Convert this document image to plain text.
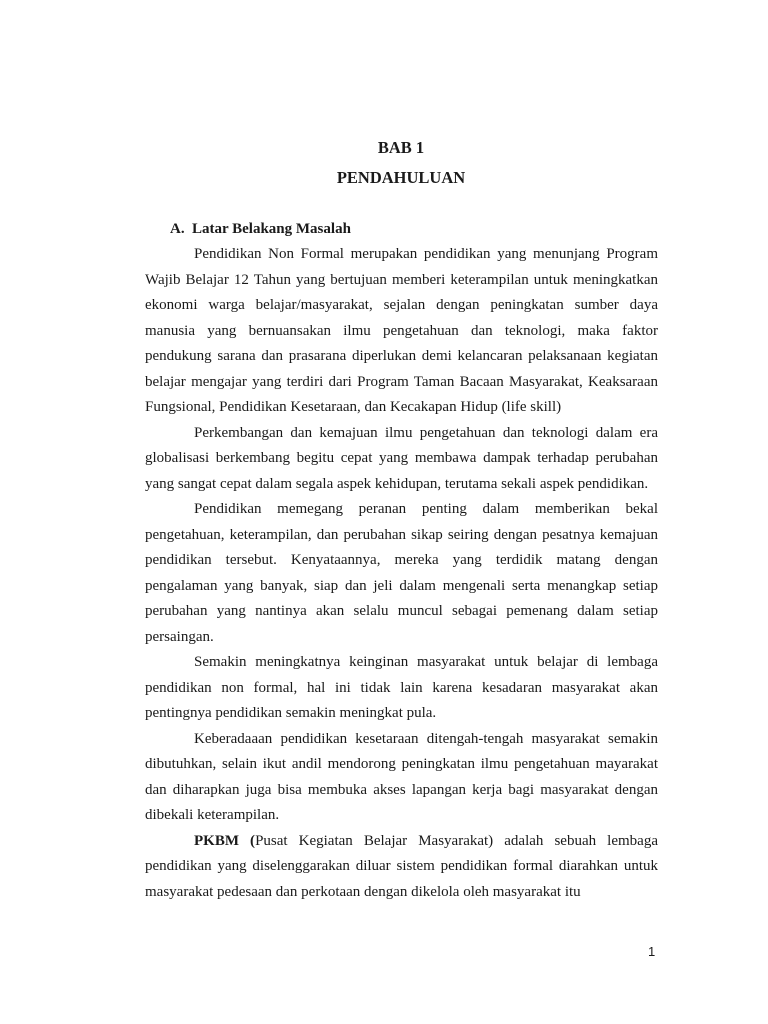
BAB 1
PENDAHULUAN
A. Latar Belakang Masalah

Pendidikan Non Formal merupakan pendidikan yang menunjang Program Wajib Belajar 12 Tahun yang bertujuan memberi keterampilan untuk meningkatkan ekonomi warga belajar/masyarakat, sejalan dengan peningkatan sumber daya manusia yang bernuansakan ilmu pengetahuan dan teknologi, maka faktor pendukung sarana dan prasarana diperlukan demi kelancaran pelaksanaan kegiatan belajar mengajar yang terdiri dari Program Taman Bacaan Masyarakat, Keaksaraan Fungsional, Pendidikan Kesetaraan, dan Kecakapan Hidup (life skill)

Perkembangan dan kemajuan ilmu pengetahuan dan teknologi dalam era globalisasi berkembang begitu cepat yang membawa dampak terhadap perubahan yang sangat cepat dalam segala aspek kehidupan, terutama sekali aspek pendidikan.

Pendidikan memegang peranan penting dalam memberikan bekal pengetahuan, keterampilan, dan perubahan sikap seiring dengan pesatnya kemajuan pendidikan tersebut. Kenyataannya, mereka yang terdidik matang dengan pengalaman yang banyak, siap dan jeli dalam mengenali serta menangkap setiap perubahan yang nantinya akan selalu muncul sebagai pemenang dalam setiap persaingan.

Semakin meningkatnya keinginan masyarakat untuk belajar di lembaga pendidikan non formal, hal ini tidak lain karena kesadaran masyarakat akan pentingnya pendidikan semakin meningkat pula.

Keberadaaan pendidikan kesetaraan ditengah-tengah masyarakat semakin dibutuhkan, selain ikut andil mendorong peningkatan ilmu pengetahuan mayarakat dan diharapkan juga bisa membuka akses lapangan kerja bagi masyarakat dengan dibekali keterampilan.

PKBM (Pusat Kegiatan Belajar Masyarakat) adalah sebuah lembaga pendidikan yang diselenggarakan diluar sistem pendidikan formal diarahkan untuk masyarakat pedesaan dan perkotaan dengan dikelola oleh masyarakat itu

1
